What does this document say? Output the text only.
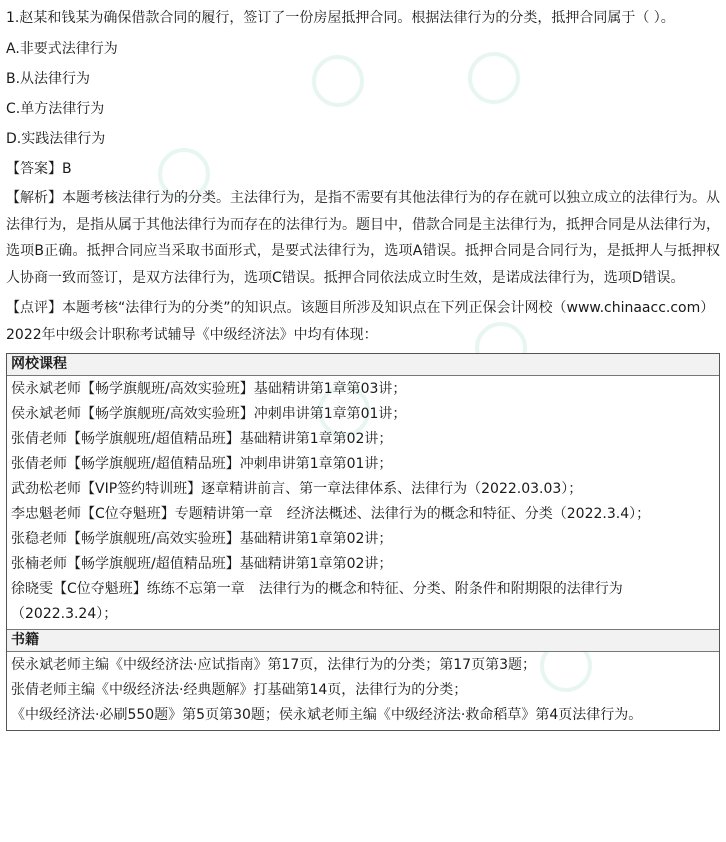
1.赵某和钱某为确保借款合同的履行，签订了一份房屋抵押合同。根据法律行为的分类，抵押合同属于（ ）。
A.非要式法律行为
B.从法律行为
C.单方法律行为
D.实践法律行为
【答案】B
【解析】本题考核法律行为的分类。主法律行为，是指不需要有其他法律行为的存在就可以独立成立的法律行为。从法律行为，是指从属于其他法律行为而存在的法律行为。题目中，借款合同是主法律行为，抵押合同是从法律行为，选项B正确。抵押合同应当采取书面形式，是要式法律行为，选项A错误。抵押合同是合同行为，是抵押人与抵押权人协商一致而签订，是双方法律行为，选项C错误。抵押合同依法成立时生效，是诺成法律行为，选项D错误。
【点评】本题考核“法律行为的分类”的知识点。该题目所涉及知识点在下列正保会计网校（www.chinaacc.com）2022年中级会计职称考试辅导《中级经济法》中均有体现：
网校课程
侯永斌老师【畅学旗舰班/高效实验班】基础精讲第1章第03讲；
侯永斌老师【畅学旗舰班/高效实验班】冲刺串讲第1章第01讲；
张倩老师【畅学旗舰班/超值精品班】基础精讲第1章第02讲；
张倩老师【畅学旗舰班/超值精品班】冲刺串讲第1章第01讲；
武劲松老师【VIP签约特训班】逐章精讲前言、第一章法律体系、法律行为（2022.03.03）；
李忠魁老师【C位夺魁班】专题精讲第一章　经济法概述、法律行为的概念和特征、分类（2022.3.4）；
张稳老师【畅学旗舰班/高效实验班】基础精讲第1章第02讲；
张楠老师【畅学旗舰班/超值精品班】基础精讲第1章第02讲；
徐晓雯【C位夺魁班】练练不忘第一章　法律行为的概念和特征、分类、附条件和附期限的法律行为（2022.3.24）；
书籍
侯永斌老师主编《中级经济法·应试指南》第17页，法律行为的分类；第17页第3题；
张倩老师主编《中级经济法·经典题解》打基础第14页，法律行为的分类；
《中级经济法·必刷550题》第5页第30题；侯永斌老师主编《中级经济法·救命稻草》第4页法律行为。
